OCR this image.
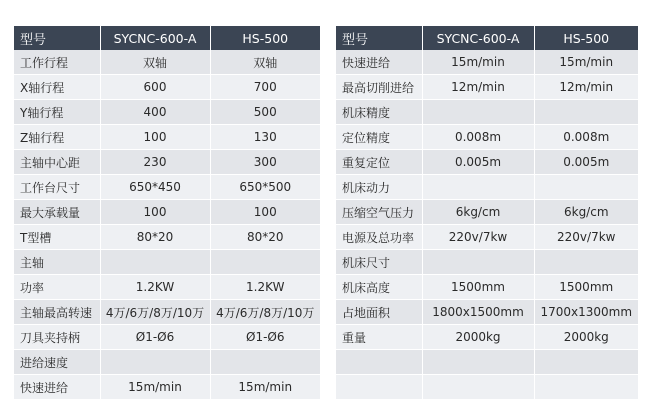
型号	SYCNC-600-A	HS-500
工作行程	双轴	双轴
X轴行程	600	700
Y轴行程	400	500
Z轴行程	100	130
主轴中心距	230	300
工作台尺寸	650*450	650*500
最大承载量	100	100
T型槽	80*20	80*20
主轴		
功率	1.2KW	1.2KW
主轴最高转速	4万/6万/8万/10万	4万/6万/8万/10万
刀具夹持柄	Ø1-Ø6	Ø1-Ø6
进给速度		
快速进给	15m/min	15m/min
型号	SYCNC-600-A	HS-500
快速进给	15m/min	15m/min
最高切削进给	12m/min	12m/min
机床精度		
定位精度	0.008m	0.008m
重复定位	0.005m	0.005m
机床动力		
压缩空气压力	6kg/cm	6kg/cm
电源及总功率	220v/7kw	220v/7kw
机床尺寸		
机床高度	1500mm	1500mm
占地面积	1800x1500mm	1700x1300mm
重量	2000kg	2000kg
